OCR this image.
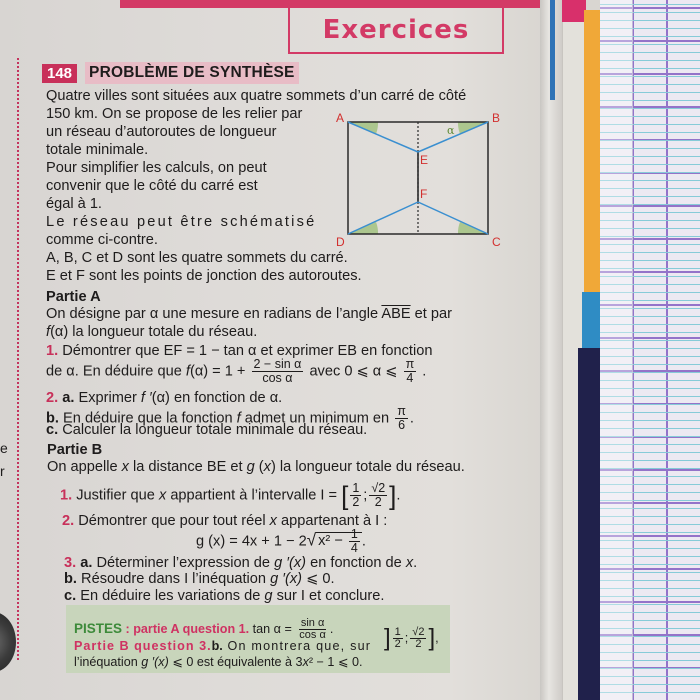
Exercices
e
r
148	PROBLÈME DE SYNTHÈSE
Quatre villes sont situées aux quatre sommets d’un carré de côté
150 km. On se propose de les relier par
un réseau d’autoroutes de longueur
totale minimale.
Pour simplifier les calculs, on peut
convenir que le côté du carré est
égal à 1.
Le réseau peut être schématisé
comme ci-contre.
A, B, C et D sont les quatre sommets du carré.
E et F sont les points de jonction des autoroutes.
A	B
C
D
E
F
α
Partie A
On désigne par α une mesure en radians de l’angle $\overline{ABE}$ et par
f(α) la longueur totale du réseau.
1. Démontrer que EF = 1 − tan α et exprimer EB en fonction
de α. En déduire que $f(\alpha) = 1 + \frac{\text{2 − sin α}}{\text{cos α}}$ avec 0 ⩽ α ⩽ $\frac{\pi}{4}$ .
2. a. Exprimer f ′(α) en fonction de α.
b. En déduire que la fonction f admet un minimum en $\frac{\pi}{6}$ .
c. Calculer la longueur totale minimale du réseau.
Partie B
On appelle x la distance BE et g (x) la longueur totale du réseau.
1. Justifier que x appartient à l’intervalle I = [ $\frac{1}{2}$ ; $\frac{√2}{2}$ ].
2. Démontrer que pour tout réel x appartenant à I :
g (x) = 4x + 1 − 2√ $x^2 - \frac{1}{4}$ .
3. a. Déterminer l’expression de g ′(x) en fonction de x.
b. Résoudre dans I l’inéquation g ′(x) ⩽ 0.
c. En déduire les variations de g sur I et conclure.
PISTES : partie A question 1. $\tan \alpha = \frac{\text{sin α}}{\text{cos α}}$ .
Partie B question 3.b. On montrera que, sur ] $\frac{1}{2}$ ; $\frac{√2}{2}$ ],
l’inéquation g ′(x) ⩽ 0 est équivalente à 3x² − 1 ⩽ 0.
